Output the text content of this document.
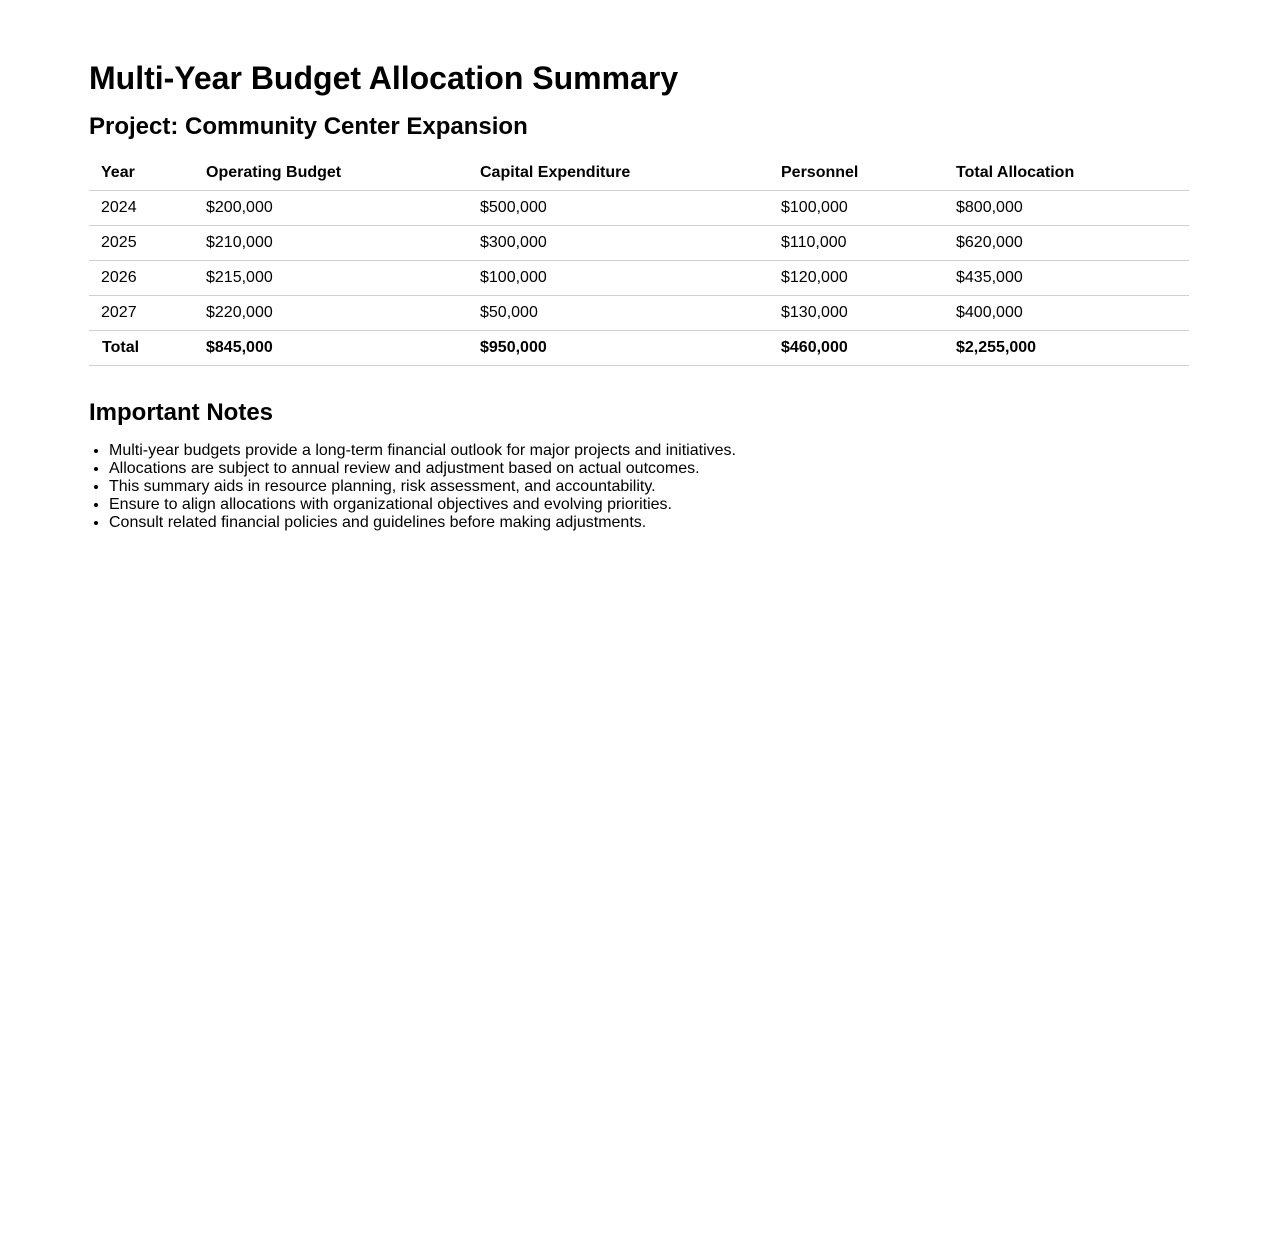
Multi-Year Budget Allocation Summary
Project: Community Center Expansion
Year	Operating Budget	Capital Expenditure	Personnel	Total Allocation
2024	$200,000	$500,000	$100,000	$800,000
2025	$210,000	$300,000	$110,000	$620,000
2026	$215,000	$100,000	$120,000	$435,000
2027	$220,000	$50,000	$130,000	$400,000
Total	$845,000	$950,000	$460,000	$2,255,000
Important Notes
• Multi-year budgets provide a long-term financial outlook for major projects and initiatives.
• Allocations are subject to annual review and adjustment based on actual outcomes.
• This summary aids in resource planning, risk assessment, and accountability.
• Ensure to align allocations with organizational objectives and evolving priorities.
• Consult related financial policies and guidelines before making adjustments.
